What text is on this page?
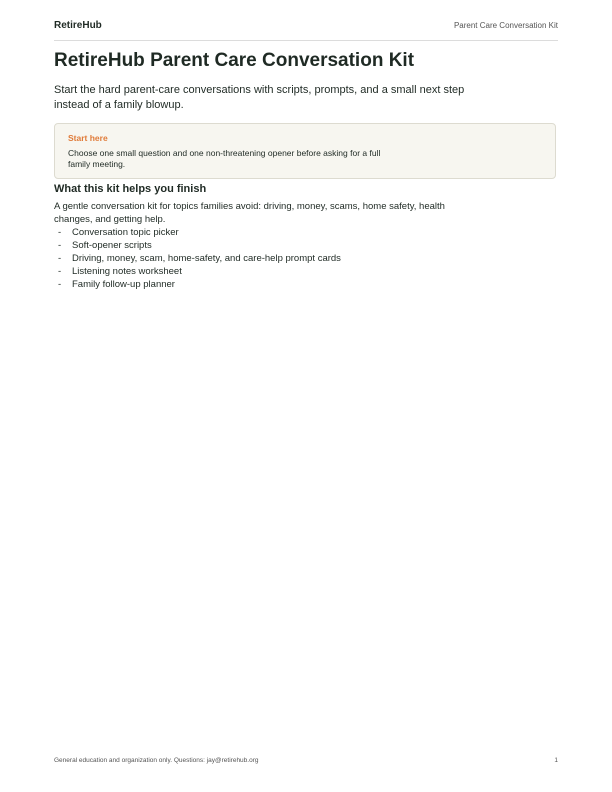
RetireHub	Parent Care Conversation Kit
RetireHub Parent Care Conversation Kit

Start the hard parent-care conversations with scripts, prompts, and a small next step instead of a family blowup.

Start here
Choose one small question and one non-threatening opener before asking for a full family meeting.
What this kit helps you finish

A gentle conversation kit for topics families avoid: driving, money, scams, home safety, health changes, and getting help.

- Conversation topic picker
- Soft-opener scripts
- Driving, money, scam, home-safety, and care-help prompt cards
- Listening notes worksheet
- Family follow-up planner
General education and organization only. Questions: jay@retirehub.org	1
